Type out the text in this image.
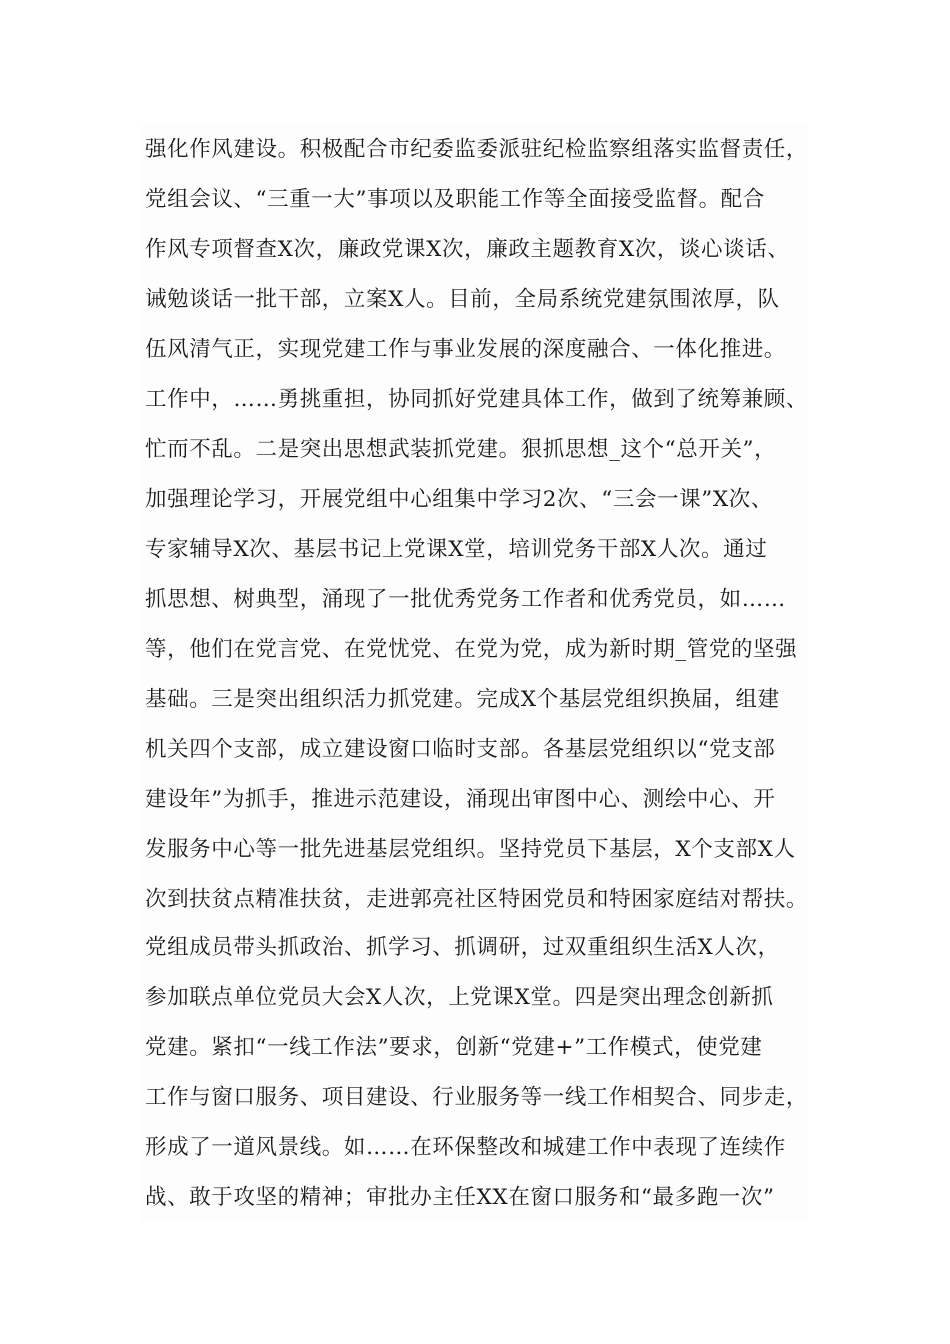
强化作风建设。积极配合市纪委监委派驻纪检监察组落实监督责任，
党组会议、“三重一大”事项以及职能工作等全面接受监督。配合
作风专项督查X次，廉政党课X次，廉政主题教育X次，谈心谈话、
诫勉谈话一批干部，立案X人。目前，全局系统党建氛围浓厚，队
伍风清气正，实现党建工作与事业发展的深度融合、一体化推进。
工作中，……勇挑重担，协同抓好党建具体工作，做到了统筹兼顾、
忙而不乱。二是突出思想武装抓党建。狠抓思想_这个“总开关”，
加强理论学习，开展党组中心组集中学习2次、“三会一课”X次、
专家辅导X次、基层书记上党课X堂，培训党务干部X人次。通过
抓思想、树典型，涌现了一批优秀党务工作者和优秀党员，如……
等，他们在党言党、在党忧党、在党为党，成为新时期_管党的坚强
基础。三是突出组织活力抓党建。完成X个基层党组织换届，组建
机关四个支部，成立建设窗口临时支部。各基层党组织以“党支部
建设年”为抓手，推进示范建设，涌现出审图中心、测绘中心、开
发服务中心等一批先进基层党组织。坚持党员下基层，X个支部X人
次到扶贫点精准扶贫，走进郭亮社区特困党员和特困家庭结对帮扶。
党组成员带头抓政治、抓学习、抓调研，过双重组织生活X人次，
参加联点单位党员大会X人次，上党课X堂。四是突出理念创新抓
党建。紧扣“一线工作法”要求，创新“党建+”工作模式，使党建
工作与窗口服务、项目建设、行业服务等一线工作相契合、同步走，
形成了一道风景线。如……在环保整改和城建工作中表现了连续作
战、敢于攻坚的精神；审批办主任XX在窗口服务和“最多跑一次”
